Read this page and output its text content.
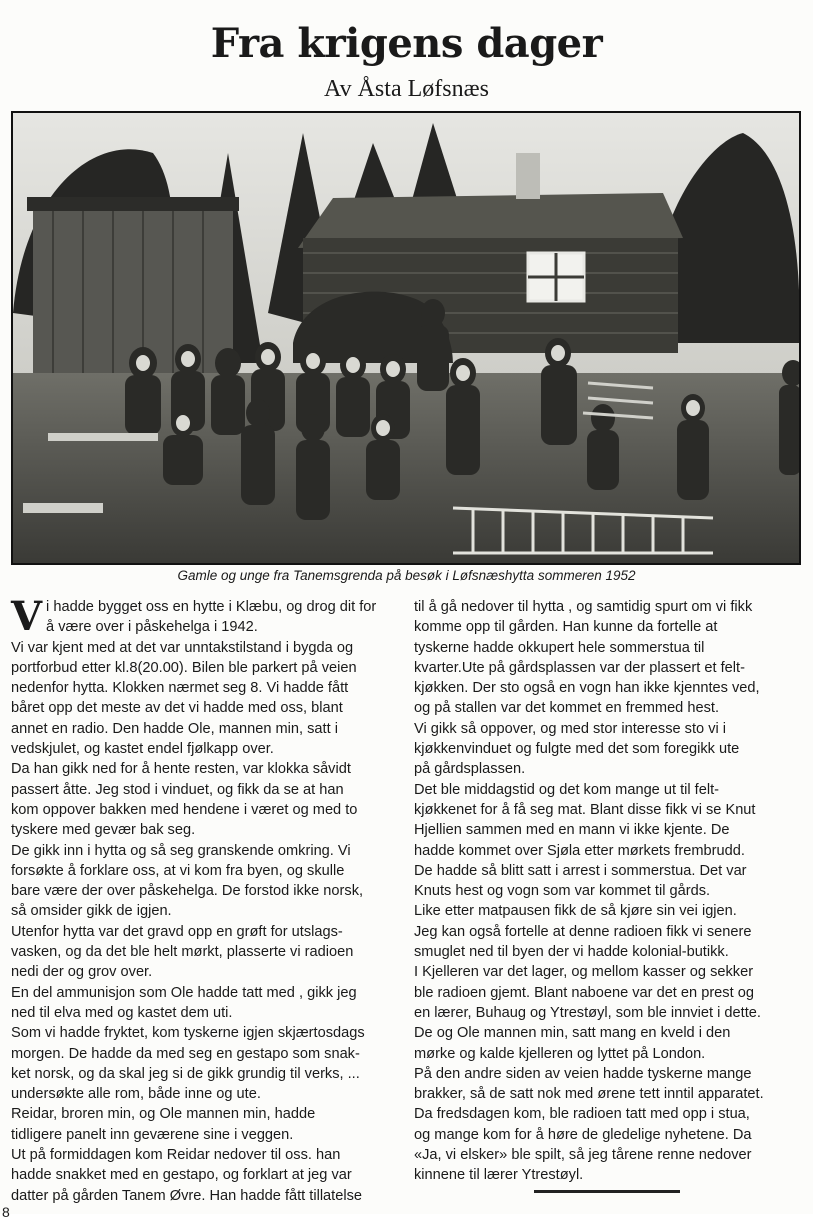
Fra krigens dager
Av Åsta Løfsnæs
Gamle og unge fra Tanemsgrenda på besøk i Løfsnæshytta sommeren 1952
V i hadde bygget oss en hytte i Klæbu, og drog dit for
å være over i påskehelga i 1942.
Vi var kjent med at det var unntakstilstand i bygda og
portforbud etter kl.8(20.00). Bilen ble parkert på veien
nedenfor hytta. Klokken nærmet seg 8. Vi hadde fått
båret opp det meste av det vi hadde med oss, blant
annet en radio. Den hadde Ole, mannen min, satt i
vedskjulet, og kastet endel fjølkapp over.
Da han gikk ned for å hente resten, var klokka såvidt
passert åtte. Jeg stod i vinduet, og fikk da se at han
kom oppover bakken med hendene i været og med to
tyskere med gevær bak seg.
De gikk inn i hytta og så seg granskende omkring. Vi
forsøkte å forklare oss, at vi kom fra byen, og skulle
bare være der over påskehelga. De forstod ikke norsk,
så omsider gikk de igjen.
Utenfor hytta var det gravd opp en grøft for utslags-
vasken, og da det ble helt mørkt, plasserte vi radioen
nedi der og grov over.
En del ammunisjon som Ole hadde tatt med , gikk jeg
ned til elva med og kastet dem uti.
Som vi hadde fryktet, kom tyskerne igjen skjærtosdags
morgen. De hadde da med seg en gestapo som snak-
ket norsk, og da skal jeg si de gikk grundig til verks, ...
undersøkte alle rom, både inne og ute.
Reidar, broren min, og Ole mannen min, hadde
tidligere panelt inn geværene sine i veggen.
Ut på formiddagen kom Reidar nedover til oss. han
hadde snakket med en gestapo, og forklart at jeg var
datter på gården Tanem Øvre. Han hadde fått tillatelse
til å gå nedover til hytta , og samtidig spurt om vi fikk
komme opp til gården. Han kunne da fortelle at
tyskerne hadde okkupert hele sommerstua til
kvarter.Ute på gårdsplassen var der plassert et felt-
kjøkken. Der sto også en vogn han ikke kjenntes ved,
og på stallen var det kommet en fremmed hest.
Vi gikk så oppover, og med stor interesse sto vi i
kjøkkenvinduet og fulgte med det som foregikk ute
på gårdsplassen.
Det ble middagstid og det kom mange ut til felt-
kjøkkenet for å få seg mat. Blant disse fikk vi se Knut
Hjellien sammen med en mann vi ikke kjente. De
hadde kommet over Sjøla etter mørkets frembrudd.
De hadde så blitt satt i arrest i sommerstua. Det var
Knuts hest og vogn som var kommet til gårds.
Like etter matpausen fikk de så kjøre sin vei igjen.
Jeg kan også fortelle at denne radioen fikk vi senere
smuglet ned til byen der vi hadde kolonial-butikk.
I Kjelleren var det lager, og mellom kasser og sekker
ble radioen gjemt. Blant naboene var det en prest og
en lærer, Buhaug og Ytrestøyl, som ble innviet i dette.
De og Ole mannen min, satt mang en kveld i den
mørke og kalde kjelleren og lyttet på London.
På den andre siden av veien hadde tyskerne mange
brakker, så de satt nok med ørene tett inntil apparatet.
Da fredsdagen kom, ble radioen tatt med opp i stua,
og mange kom for å høre de gledelige nyhetene. Da
«Ja, vi elsker» ble spilt, så jeg tårene renne nedover
kinnene til lærer Ytrestøyl.
8
